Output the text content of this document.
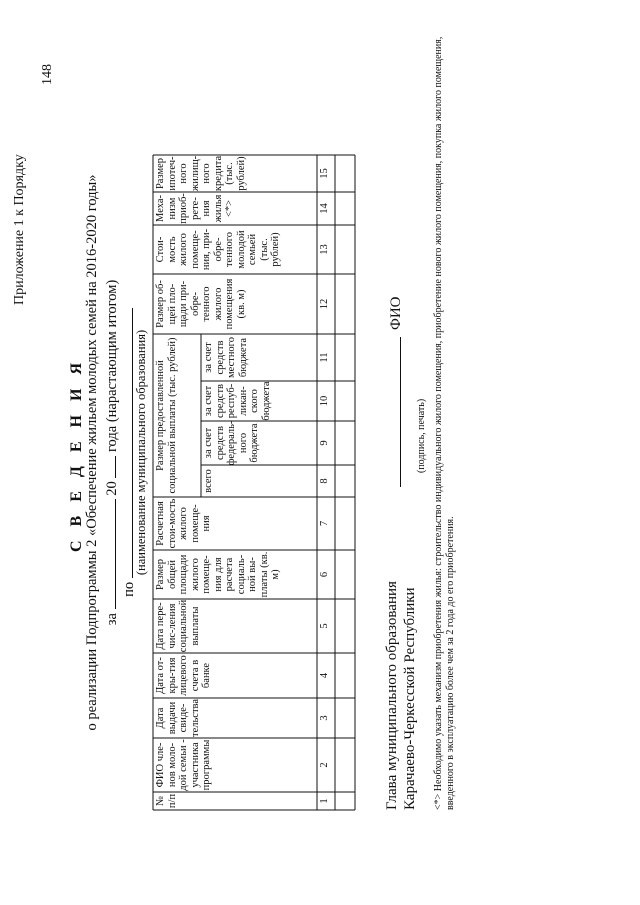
148
Приложение 1 к Порядку
С В Е Д Е Н И Я о реализации Подпрограммы 2 «Обеспечение жильем молодых семей на 2016-2020 годы» за  20  года (нарастающим итогом)
по
(наименование муниципального образования)
№ п/п
ФИО чле-нов моло-дой семьи - участника программы
Дата выдачи свиде-тельства
Дата от-кры-тия лицевого счета в банке
Дата пере-чис-ления социальной выплаты
Размер общей площади жилого помеще-ния для расчета социаль-ной вы-платы (кв. м)
Расчетная стои-мость жилого помеще-ния
Размер предоставленной социальной выплаты (тыс. рублей)
Размер об-щей пло-щади при-обре-тенного жилого помещения (кв. м)
Стои-мость жилого помеще-ния, при-обре-тенного молодой семьей (тыс. рублей)
Меха-низм приоб-рете-ния жилья <*>
Размер ипотеч-ного жилищ-ного кредита (тыс. рублей)
всего
за счет средств федераль-ного бюджета
за счет средств респуб-ликан-ского бюджета
за счет средств местного бюджета
1
2
3
4
5
6
7
8
9
10
11
12
13
14
15
Глава муниципального образования Карачаево-Черкесской Республики
ФИО
(подпись, печать) <*> Необходимо указать механизм приобретения жилья: строительство индивидуального жилого помещения, приобретение нового жилого помещения, покупка жилого помещения, введенного в эксплуатацию более чем за 2 года до его приобретения.
